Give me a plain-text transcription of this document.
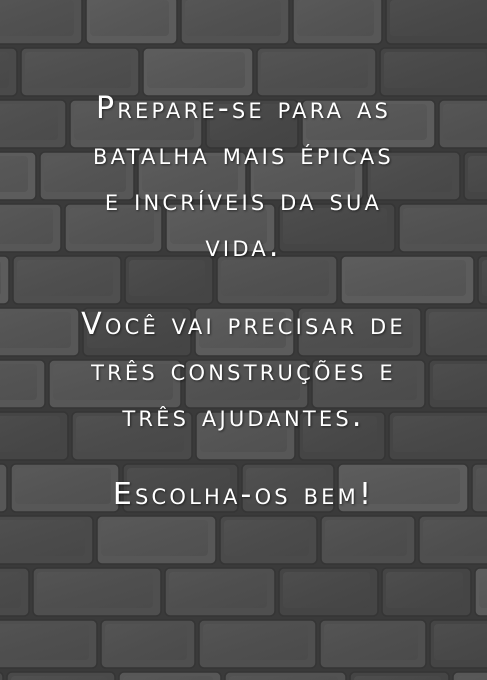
Prepare-se para as

batalha mais épicas

e incríveis da sua

vida.

Você vai precisar de

três construções e

três ajudantes.

Escolha-os bem!
